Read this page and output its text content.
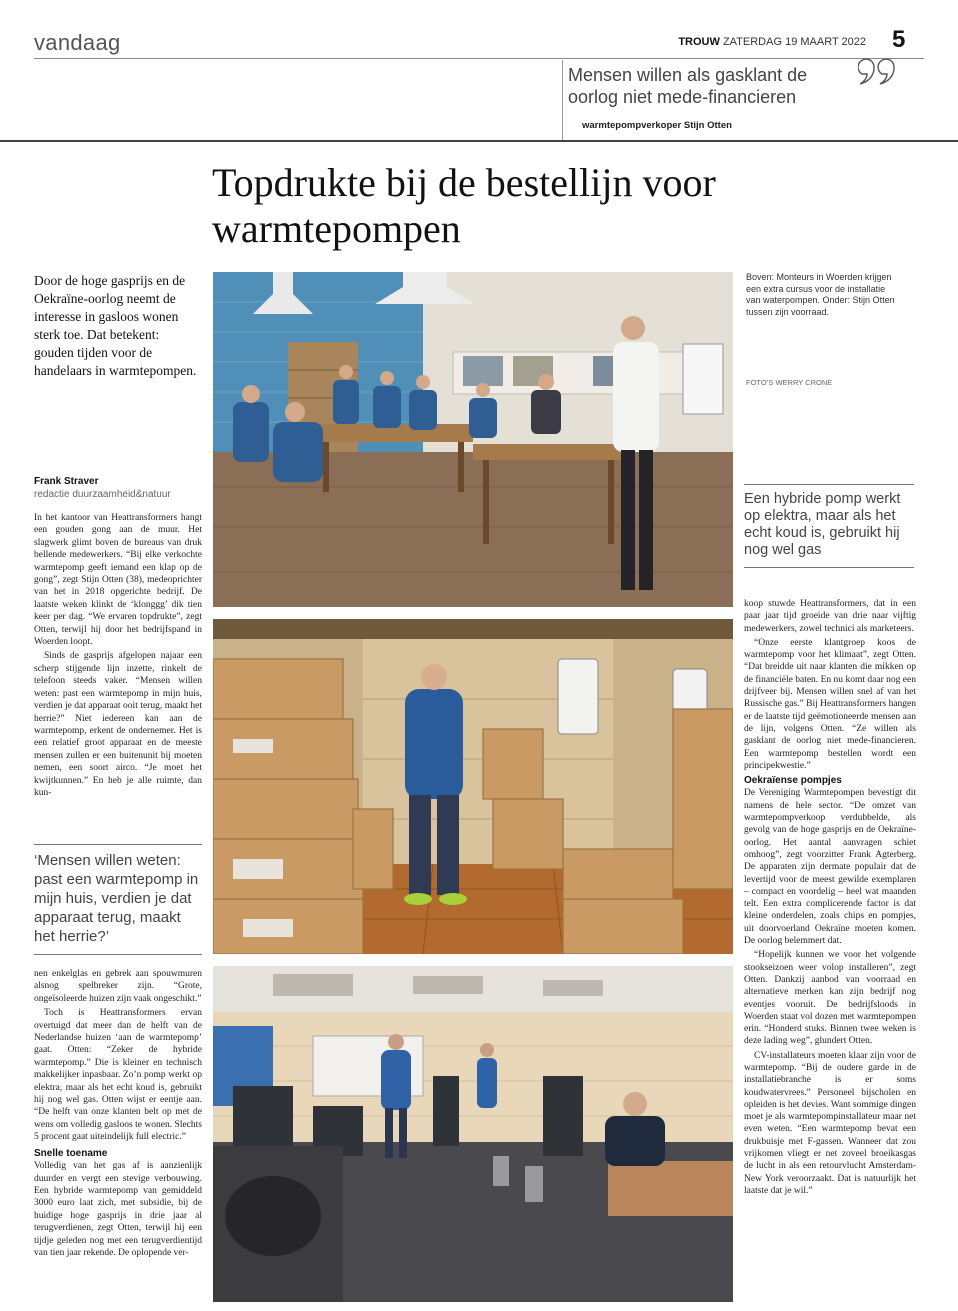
vandaag	TROUW ZATERDAG 19 MAART 2022 5
Mensen willen als gasklant de oorlog niet mede-financieren
warmtepompverkoper Stijn Otten
Topdrukte bij de bestellijn voor warmtepompen
Door de hoge gasprijs en de Oekraïne-oorlog neemt de interesse in gasloos wonen sterk toe. Dat betekent: gouden tijden voor de handelaars in warmtepompen.
Frank Straver
redactie duurzaamheid&natuur

In het kantoor van Heattransformers hangt een gouden gong aan de muur. Het slagwerk glimt boven de bureaus van druk bellende medewerkers. “Bij elke verkochte warmtepomp geeft iemand een klap op de gong”, zegt Stijn Otten (38), medeoprichter van het in 2018 opgerichte bedrijf. De laatste weken klinkt de ‘klonggg’ dik tien keer per dag. “We ervaren topdrukte”, zegt Otten, terwijl hij door het bedrijfspand in Woerden loopt.

Sinds de gasprijs afgelopen najaar een scherp stijgende lijn inzette, rinkelt de telefoon steeds vaker. “Mensen willen weten: past een warmtepomp in mijn huis, verdien je dat apparaat ooit terug, maakt het herrie?” Niet iedereen kan aan de warmtepomp, erkent de ondernemer. Het is een relatief groot apparaat en de meeste mensen zullen er een buitenunit bij moeten nemen, een soort airco. “Je moet het kwijtkunnen.” En heb je alle ruimte, dan kun-

‘Mensen willen weten: past een warmtepomp in mijn huis, verdien je dat apparaat terug, maakt het herrie?’

nen enkelglas en gebrek aan spouwmuren alsnog spelbreker zijn. “Grote, ongeïsoleerde huizen zijn vaak ongeschikt.”

Toch is Heattransformers ervan overtuigd dat meer dan de helft van de Nederlandse huizen ‘aan de warmtepomp’ gaat. Otten: “Zeker de hybride warmtepomp.” Die is kleiner en technisch makkelijker inpasbaar. Zo’n pomp werkt op elektra, maar als het echt koud is, gebruikt hij nog wel gas. Otten wijst er eentje aan. “De helft van onze klanten belt op met de wens om volledig gasloos te wonen. Slechts 5 procent gaat uiteindelijk full electric.”

Snelle toename

Volledig van het gas af is aanzienlijk duurder en vergt een stevige verbouwing. Een hybride warmtepomp van gemiddeld 3000 euro laat zich, met subsidie, bij de huidige hoge gasprijs in drie jaar al terugverdienen, zegt Otten, terwijl hij een tijdje geleden nog met een terugverdientijd van tien jaar rekende. De oplopende ver-

Boven: Monteurs in Woerden krijgen een extra cursus voor de installatie van waterpompen. Onder: Stijn Otten tussen zijn voorraad.
FOTO’S WERRY CRONE
Een hybride pomp werkt op elektra, maar als het echt koud is, gebruikt hij nog wel gas

koop stuwde Heattransformers, dat in een paar jaar tijd groeide van drie naar vijftig medewerkers, zowel technici als marketeers.

“Onze eerste klantgroep koos de warmtepomp voor het klimaat”, zegt Otten. “Dat breidde uit naar klanten die mikken op de financiële baten. En nu komt daar nog een drijfveer bij. Mensen willen snel af van het Russische gas.” Bij Heattransformers hangen er de laatste tijd geëmotioneerde mensen aan de lijn, volgens Otten. “Ze willen als gasklant de oorlog niet mede-financieren. Een warmtepomp bestellen wordt een principekwestie.”

Oekraïense pompjes

De Vereniging Warmtepompen bevestigt dit namens de hele sector. “De omzet van warmtepompverkoop verdubbelde, als gevolg van de hoge gasprijs en de Oekraïne-oorlog. Het aantal aanvragen schiet omhoog”, zegt voorzitter Frank Agterberg. De apparaten zijn dermate populair dat de levertijd voor de meest gewilde exemplaren – compact en voordelig – heel wat maanden telt. Een extra complicerende factor is dat kleine onderdelen, zoals chips en pompjes, uit doorvoerland Oekraïne moeten komen. De oorlog belemmert dat.

“Hopelijk kunnen we voor het volgende stookseizoen weer volop installeren”, zegt Otten. Dankzij aanbod van voorraad en alternatieve merken kan zijn bedrijf nog eventjes vooruit. De bedrijfsloods in Woerden staat vol dozen met warmtepompen erin. “Honderd stuks. Binnen twee weken is deze lading weg”, glundert Otten.

CV-installateurs moeten klaar zijn voor de warmtepomp. “Bij de oudere garde in de installatiebranche is er soms koudwatervrees.” Personeel bijscholen en opleiden is het devies. Want sommige dingen moet je als warmtepompinstallateur maar net even weten. “Een warmtepomp bevat een drukbuisje met F-gassen. Wanneer dat zou vrijkomen vliegt er net zoveel broeikasgas de lucht in als een retourvlucht Amsterdam-New York veroorzaakt. Dat is natuurlijk het laatste dat je wil.”
